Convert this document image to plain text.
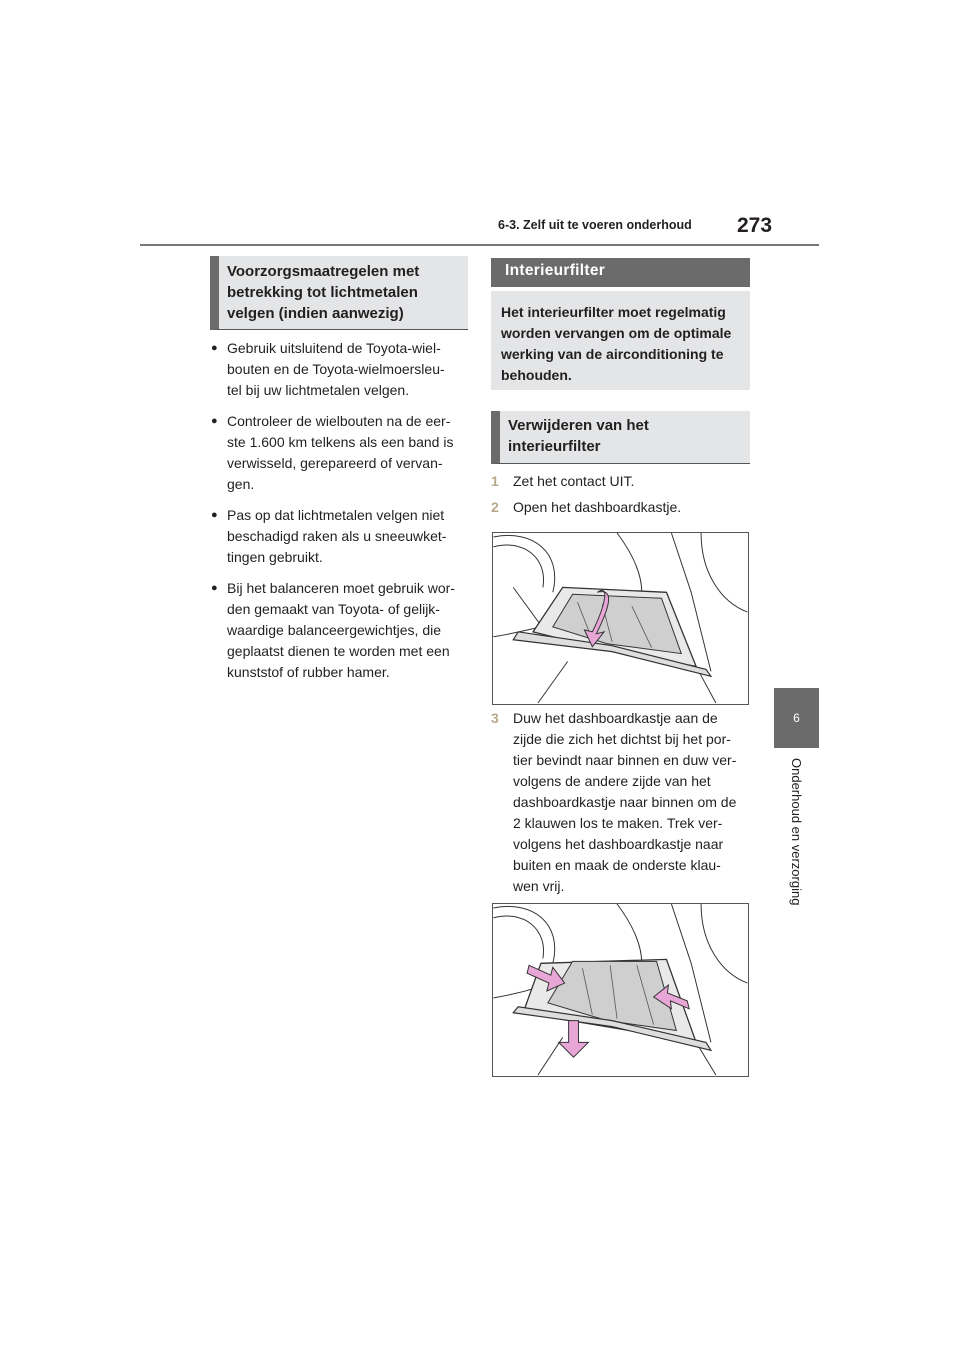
6-3. Zelf uit te voeren onderhoud 273
6
Onderhoud en verzorging
Voorzorgsmaatregelen met
betrekking tot lichtmetalen
velgen (indien aanwezig)
● Gebruik uitsluitend de Toyota-wiel-
bouten en de Toyota-wielmoersleu-
tel bij uw lichtmetalen velgen.
● Controleer de wielbouten na de eer-
ste 1.600 km telkens als een band is
verwisseld, gerepareerd of vervan-
gen.
● Pas op dat lichtmetalen velgen niet
beschadigd raken als u sneeuwket-
tingen gebruikt.
● Bij het balanceren moet gebruik wor-
den gemaakt van Toyota- of gelijk-
waardige balanceergewichtjes, die
geplaatst dienen te worden met een
kunststof of rubber hamer.
Interieurfilter
Het interieurfilter moet regelmatig
worden vervangen om de optimale
werking van de airconditioning te
behouden.
Verwijderen van het
interieurfilter
1 Zet het contact UIT.
2 Open het dashboardkastje.
3 Duw het dashboardkastje aan de
zijde die zich het dichtst bij het por-
tier bevindt naar binnen en duw ver-
volgens de andere zijde van het
dashboardkastje naar binnen om de
2 klauwen los te maken. Trek ver-
volgens het dashboardkastje naar
buiten en maak de onderste klau-
wen vrij.
